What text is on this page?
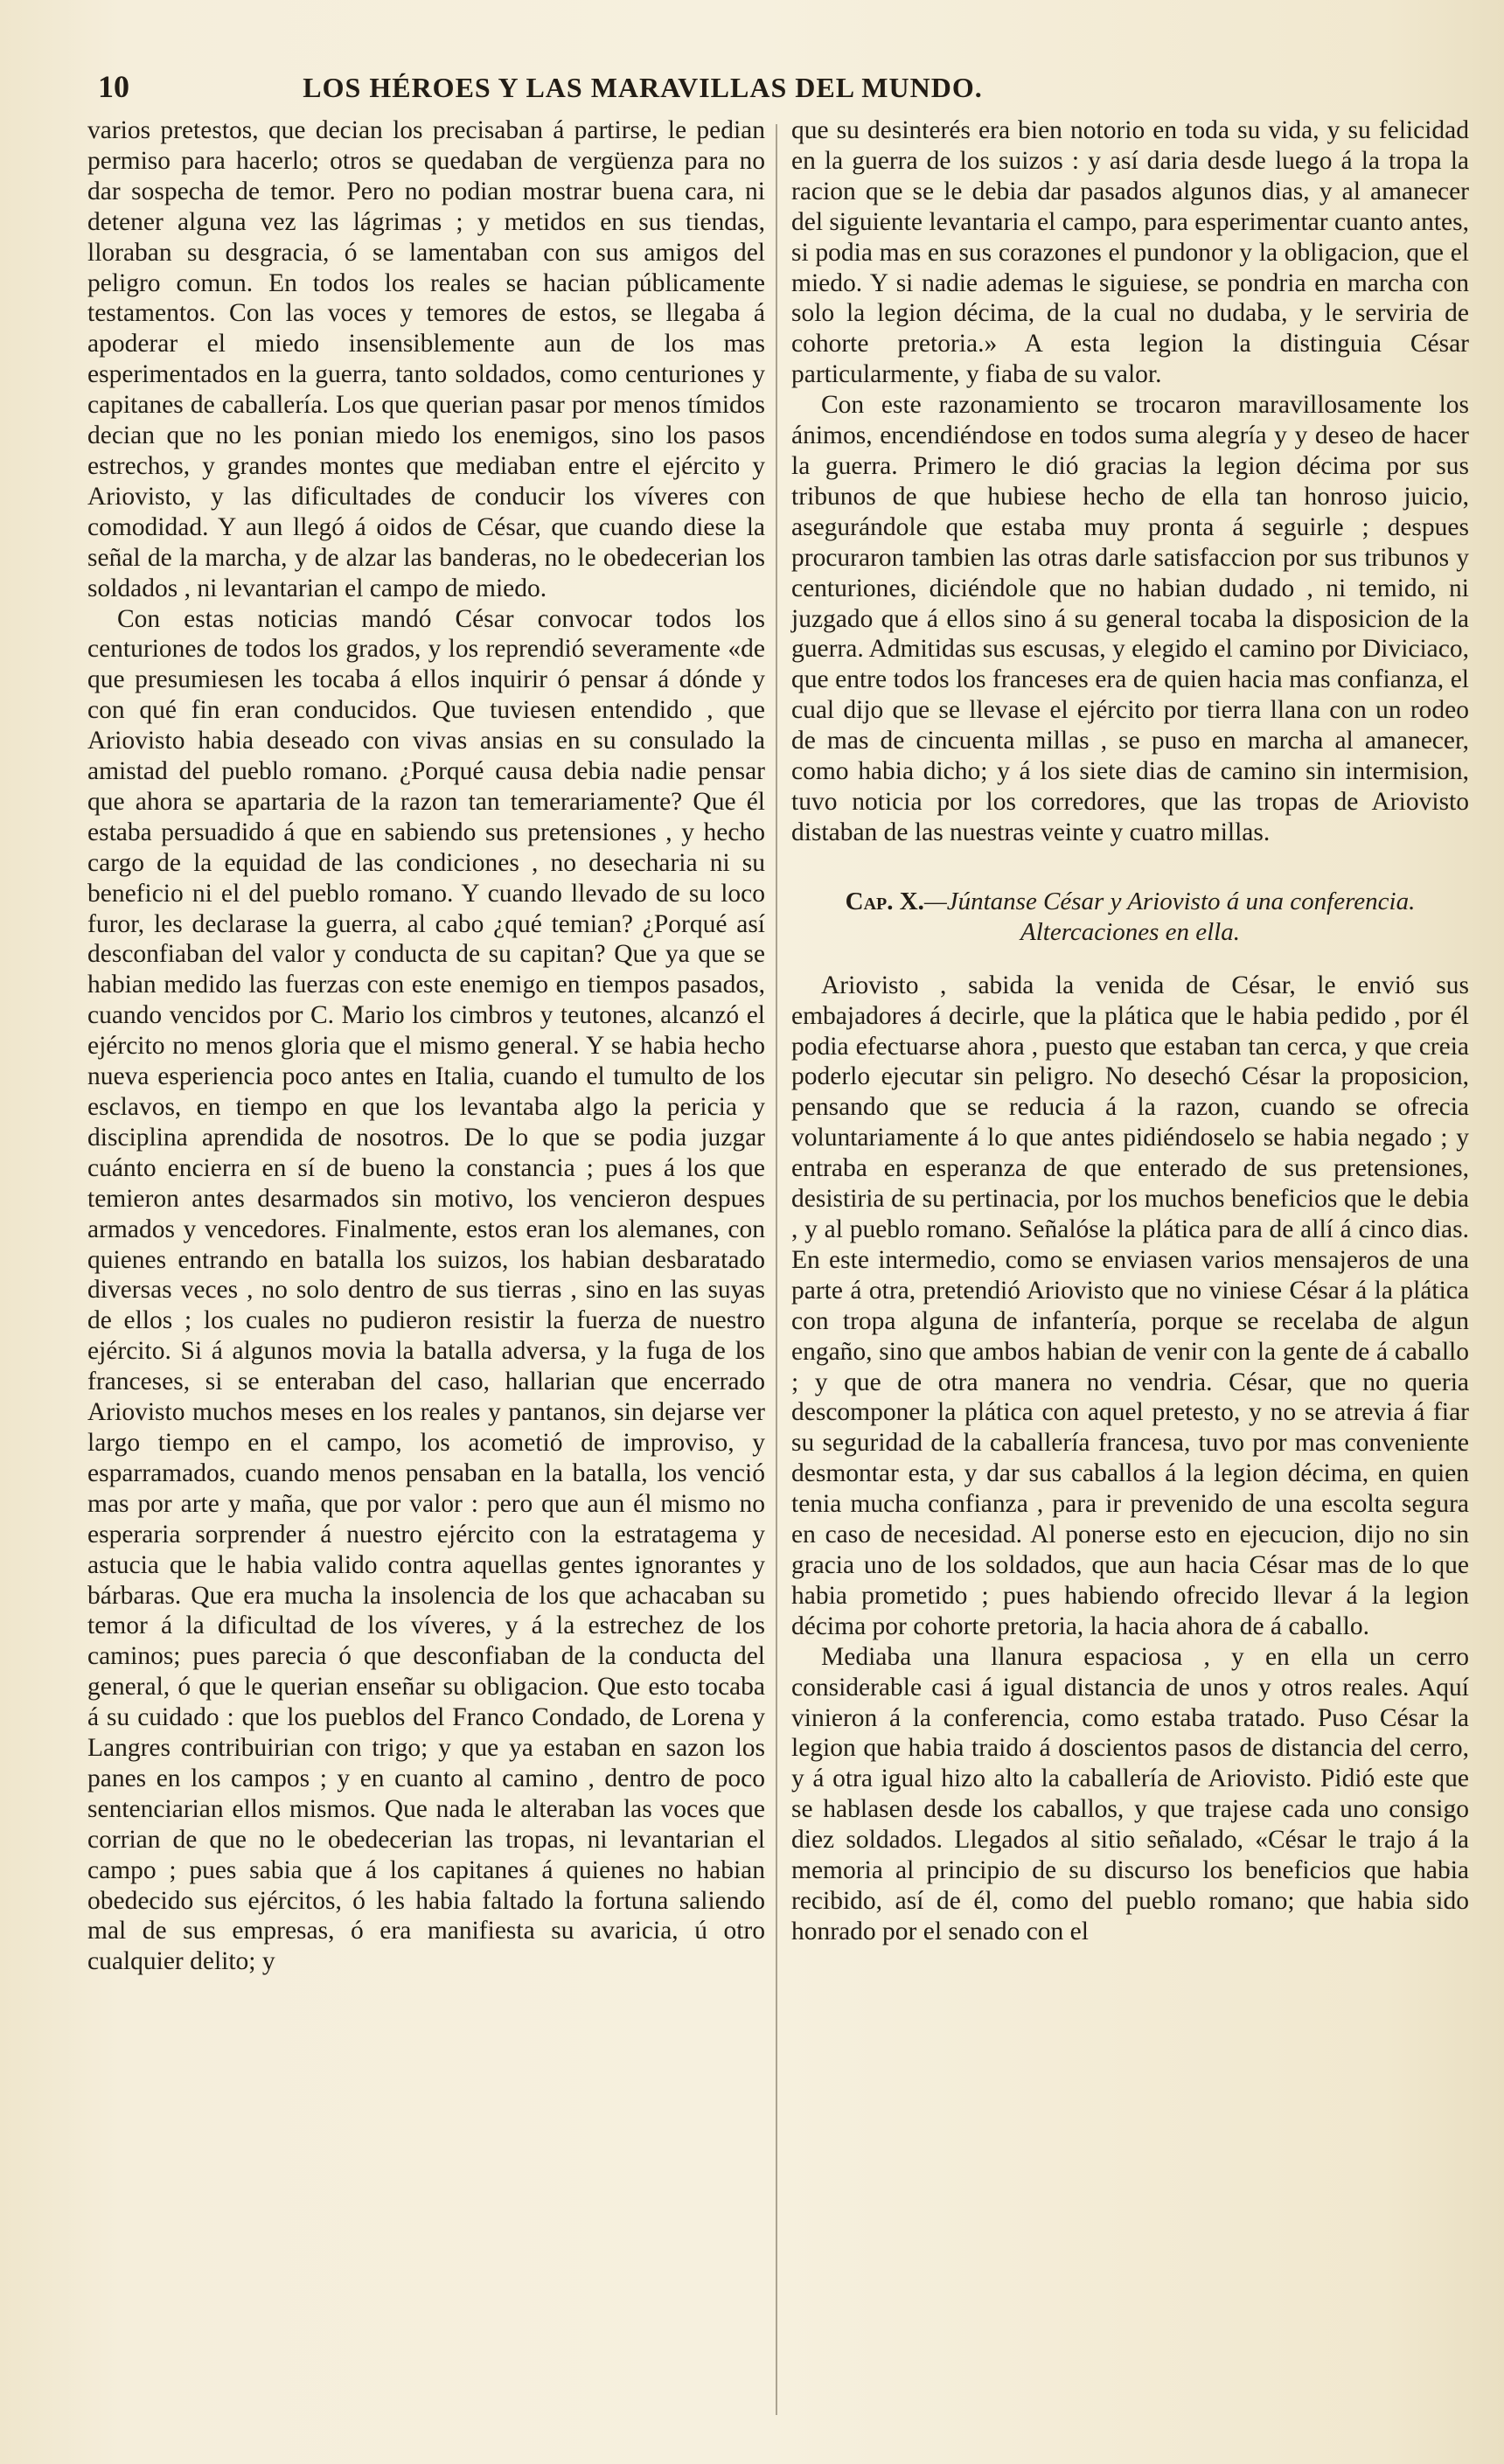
10	LOS HÉROES Y LAS MARAVILLAS DEL MUNDO.

varios pretestos, que decian los precisaban á partirse, le pedian permiso para hacerlo; otros se quedaban de vergüenza para no dar sospecha de temor. Pero no podian mostrar buena cara, ni detener alguna vez las lágrimas ; y metidos en sus tiendas, lloraban su desgracia, ó se lamentaban con sus amigos del peligro comun. En todos los reales se hacian públicamente testamentos. Con las voces y temores de estos, se llegaba á apoderar el miedo insensiblemente aun de los mas esperimentados en la guerra, tanto soldados, como centuriones y capitanes de caballería. Los que querian pasar por menos tímidos decian que no les ponian miedo los enemigos, sino los pasos estrechos, y grandes montes que mediaban entre el ejército y Ariovisto, y las dificultades de conducir los víveres con comodidad. Y aun llegó á oidos de César, que cuando diese la señal de la marcha, y de alzar las banderas, no le obedecerian los soldados , ni levantarian el campo de miedo.

Con estas noticias mandó César convocar todos los centuriones de todos los grados, y los reprendió severamente «de que presumiesen les tocaba á ellos inquirir ó pensar á dónde y con qué fin eran conducidos. Que tuviesen entendido , que Ariovisto habia deseado con vivas ansias en su consulado la amistad del pueblo romano. ¿Porqué causa debia nadie pensar que ahora se apartaria de la razon tan temerariamente? Que él estaba persuadido á que en sabiendo sus pretensiones , y hecho cargo de la equidad de las condiciones , no desecharia ni su beneficio ni el del pueblo romano. Y cuando llevado de su loco furor, les declarase la guerra, al cabo ¿qué temian? ¿Porqué así desconfiaban del valor y conducta de su capitan? Que ya que se habian medido las fuerzas con este enemigo en tiempos pasados, cuando vencidos por C. Mario los cimbros y teutones, alcanzó el ejército no menos gloria que el mismo general. Y se habia hecho nueva esperiencia poco antes en Italia, cuando el tumulto de los esclavos, en tiempo en que los levantaba algo la pericia y disciplina aprendida de nosotros. De lo que se podia juzgar cuánto encierra en sí de bueno la constancia ; pues á los que temieron antes desarmados sin motivo, los vencieron despues armados y vencedores. Finalmente, estos eran los alemanes, con quienes entrando en batalla los suizos, los habian desbaratado diversas veces , no solo dentro de sus tierras , sino en las suyas de ellos ; los cuales no pudieron resistir la fuerza de nuestro ejército. Si á algunos movia la batalla adversa, y la fuga de los franceses, si se enteraban del caso, hallarian que encerrado Ariovisto muchos meses en los reales y pantanos, sin dejarse ver largo tiempo en el campo, los acometió de improviso, y esparramados, cuando menos pensaban en la batalla, los venció mas por arte y maña, que por valor : pero que aun él mismo no esperaria sorprender á nuestro ejército con la estratagema y astucia que le habia valido contra aquellas gentes ignorantes y bárbaras. Que era mucha la insolencia de los que achacaban su temor á la dificultad de los víveres, y á la estrechez de los caminos; pues parecia ó que desconfiaban de la conducta del general, ó que le querian enseñar su obligacion. Que esto tocaba á su cuidado : que los pueblos del Franco Condado, de Lorena y Langres contribuirian con trigo; y que ya estaban en sazon los panes en los campos ; y en cuanto al camino , dentro de poco sentenciarian ellos mismos. Que nada le alteraban las voces que corrian de que no le obedecerian las tropas, ni levantarian el campo ; pues sabia que á los capitanes á quienes no habian obedecido sus ejércitos, ó les habia faltado la fortuna saliendo mal de sus empresas, ó era manifiesta su avaricia, ú otro cualquier delito; y

que su desinterés era bien notorio en toda su vida, y su felicidad en la guerra de los suizos : y así daria desde luego á la tropa la racion que se le debia dar pasados algunos dias, y al amanecer del siguiente levantaria el campo, para esperimentar cuanto antes, si podia mas en sus corazones el pundonor y la obligacion, que el miedo. Y si nadie ademas le siguiese, se pondria en marcha con solo la legion décima, de la cual no dudaba, y le serviria de cohorte pretoria.» A esta legion la distinguia César particularmente, y fiaba de su valor.

Con este razonamiento se trocaron maravillosamente los ánimos, encendiéndose en todos suma alegría y y deseo de hacer la guerra. Primero le dió gracias la legion décima por sus tribunos de que hubiese hecho de ella tan honroso juicio, asegurándole que estaba muy pronta á seguirle ; despues procuraron tambien las otras darle satisfaccion por sus tribunos y centuriones, diciéndole que no habian dudado , ni temido, ni juzgado que á ellos sino á su general tocaba la disposicion de la guerra. Admitidas sus escusas, y elegido el camino por Diviciaco, que entre todos los franceses era de quien hacia mas confianza, el cual dijo que se llevase el ejército por tierra llana con un rodeo de mas de cincuenta millas , se puso en marcha al amanecer, como habia dicho; y á los siete dias de camino sin intermision, tuvo noticia por los corredores, que las tropas de Ariovisto distaban de las nuestras veinte y cuatro millas.

Cap. X.—Júntanse César y Ariovisto á una conferencia. Altercaciones en ella.

Ariovisto , sabida la venida de César, le envió sus embajadores á decirle, que la plática que le habia pedido , por él podia efectuarse ahora , puesto que estaban tan cerca, y que creia poderlo ejecutar sin peligro. No desechó César la proposicion, pensando que se reducia á la razon, cuando se ofrecia voluntariamente á lo que antes pidiéndoselo se habia negado ; y entraba en esperanza de que enterado de sus pretensiones, desistiria de su pertinacia, por los muchos beneficios que le debia , y al pueblo romano. Señalóse la plática para de allí á cinco dias. En este intermedio, como se enviasen varios mensajeros de una parte á otra, pretendió Ariovisto que no viniese César á la plática con tropa alguna de infantería, porque se recelaba de algun engaño, sino que ambos habian de venir con la gente de á caballo ; y que de otra manera no vendria. César, que no queria descomponer la plática con aquel pretesto, y no se atrevia á fiar su seguridad de la caballería francesa, tuvo por mas conveniente desmontar esta, y dar sus caballos á la legion décima, en quien tenia mucha confianza , para ir prevenido de una escolta segura en caso de necesidad. Al ponerse esto en ejecucion, dijo no sin gracia uno de los soldados, que aun hacia César mas de lo que habia prometido ; pues habiendo ofrecido llevar á la legion décima por cohorte pretoria, la hacia ahora de á caballo.

Mediaba una llanura espaciosa , y en ella un cerro considerable casi á igual distancia de unos y otros reales. Aquí vinieron á la conferencia, como estaba tratado. Puso César la legion que habia traido á doscientos pasos de distancia del cerro, y á otra igual hizo alto la caballería de Ariovisto. Pidió este que se hablasen desde los caballos, y que trajese cada uno consigo diez soldados. Llegados al sitio señalado, «César le trajo á la memoria al principio de su discurso los beneficios que habia recibido, así de él, como del pueblo romano; que habia sido honrado por el senado con el
